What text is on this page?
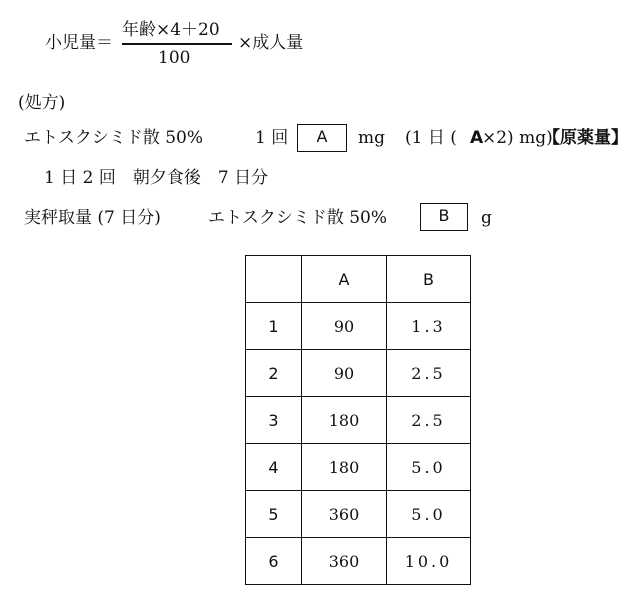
小児量＝
年齢×4＋20
100
×成人量
(処方)
エトスクシミド散 50%	1 回	A	mg (1 日 ( A
×2) mg)
【原薬量】
1 日 2 回　朝夕食後　7 日分
実秤取量 (7 日分)	エトスクシミド散 50%	B	g
	A	B
1	90	1.3
2	90	2.5
3	180	2.5
4	180	5.0
5	360	5.0
6	360	10.0
